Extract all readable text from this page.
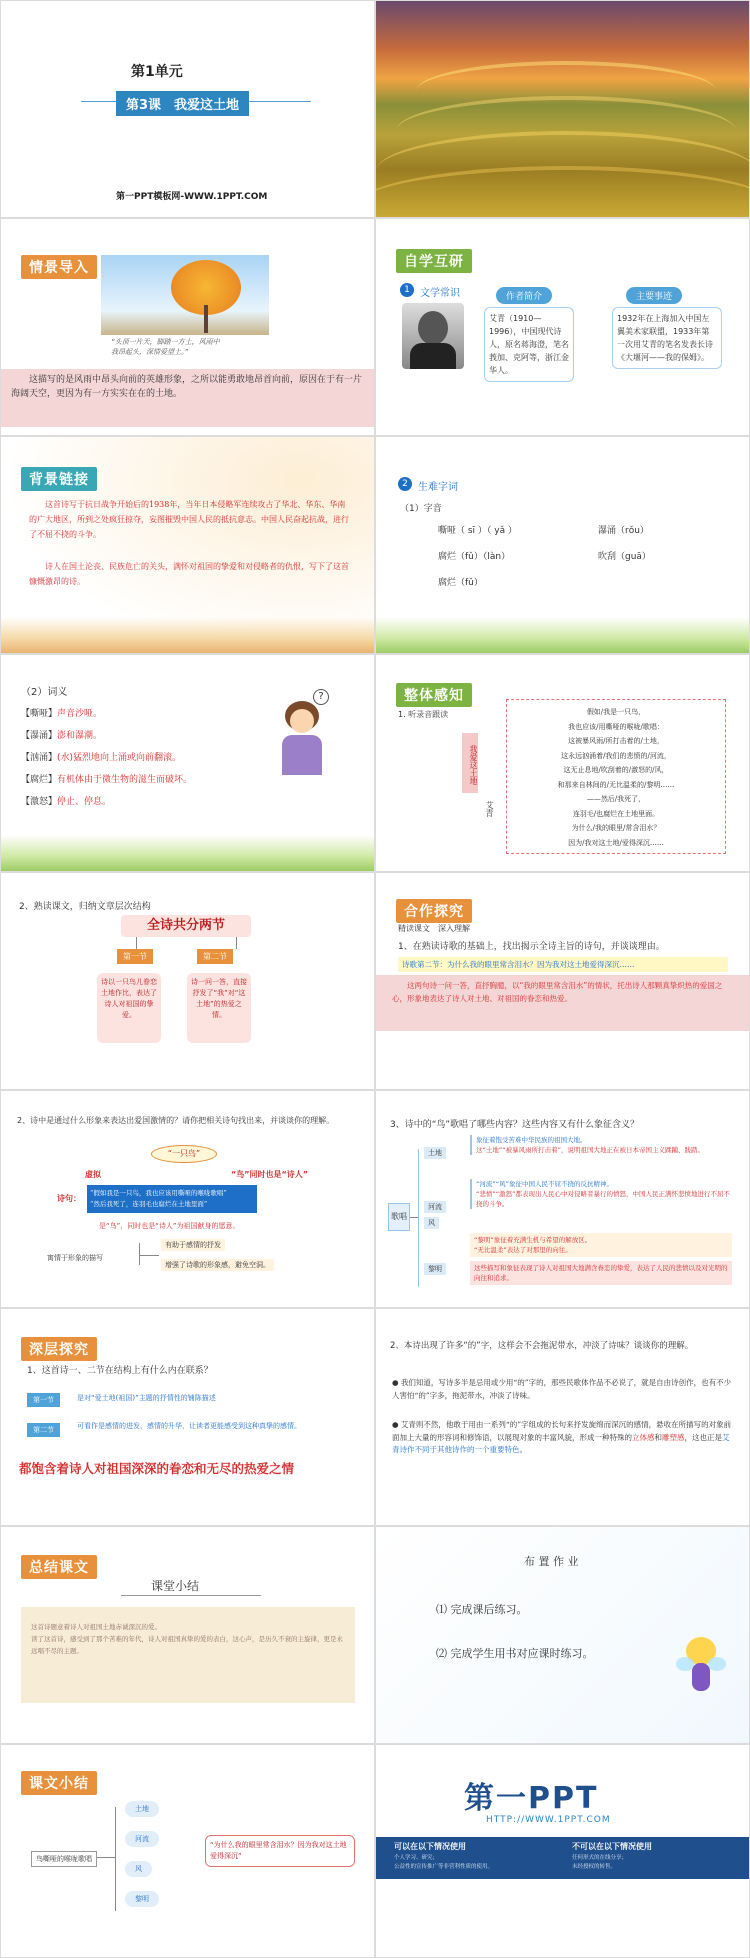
第1单元
第3课　我爱这土地
第一PPT模板网-WWW.1PPT.COM
情景导入
“头顶一片天，脚踏一方土，风雨中
我昂起头，深情爱望土。”
这描写的是风雨中昂头向前的英雄形象，之所以能勇敢地昂首向前，原因在于有一片海阔天空，更因为有一方实实在在的土地。
自学互研
1	文学常识	作者简介	主要事迹
艾青（1910—1996），中国现代诗人，原名蒋海澄，笔名莪加、克阿等，浙江金华人。
1932年在上海加入中国左翼美术家联盟，1933年第一次用艾青的笔名发表长诗《大堰河——我的保姆》。
背景链接
这首诗写于抗日战争开始后的1938年，当年日本侵略军连续攻占了华北、华东、华南的广大地区，所到之处疯狂掠夺，妄图摧毁中国人民的抵抗意志。中国人民奋起抗战，进行了不屈不挠的斗争。
诗人在国土沦丧、民族危亡的关头，满怀对祖国的挚爱和对侵略者的仇恨，写下了这首慷慨激昂的诗。
2	生难字词
（1）字音
嘶哑（ sī ）（ yǎ ）	瀑涌（rǒu）
腐烂（fǔ）（làn）	吹刮（guā）
腐烂（fǔ）
（2）词义
【嘶哑】声音沙哑。
【瀑涌】澎和瀑潮。
【汹涌】(水)猛烈地向上涌或向前翻滚。
【腐烂】有机体由于微生物的滋生而破坏。
【激怒】停止、停息。
?	整体感知
1. 听录音跟读
我爱这土地
艾青
假如/我是一只鸟，
我也应该/用嘶哑的喉咙/歌唱：
这被暴风雨/所打击着的/土地，
这永远汹涌着/我们的悲愤的/河流，
这无止息地/吹刮着的/激怒的/风，
和那来自林间的/无比温柔的/黎明……
——然后/我死了，
连羽毛/也腐烂在土地里面。
为什么/我的眼里/常含泪水？
因为/我对这土地/爱得深沉……
2、熟读课文，归纳文章层次结构
全诗共分两节
第一节	第二节
诗以一只鸟儿眷恋土地作比，表达了诗人对祖国的挚爱。
诗一问一答，直接抒发了“我”对“这土地”的热爱之情。
合作探究
精读课文　深入理解
1、在熟读诗歌的基础上，找出揭示全诗主旨的诗句，并谈谈理由。
诗歌第二节：为什么我的眼里常含泪水？因为我对这土地爱得深沉……
这两句诗一问一答，直抒胸臆，以“我的眼里常含泪水”的情状，托出诗人那颗真挚炽热的爱国之心，形象地表达了诗人对土地、对祖国的眷恋和热爱。
2、诗中是通过什么形象来表达出爱国激情的？请你把相关诗句找出来，并谈谈你的理解。
“一只鸟”
虚拟	“鸟”同时也是“诗人”
诗句：
“假如我是一只鸟，我也应该用嘶哑的喉咙歌唱”
“然后我死了，连羽毛也腐烂在土地里面”
是“鸟”，同时也是“诗人”为祖国献身的愿意。
寓情于形象的描写
有助于感情的抒发
增强了诗歌的形象感，避免空洞。
3、诗中的“鸟”歌唱了哪些内容？这些内容又有什么象征含义？
歌唱
土地
河流
风
黎明
象征着饱受苦难中华民族的祖国大地。
这“土地”“被暴风雨所打击着”，说明祖国大地正在被日本帝国主义蹂躏、践踏。
“河流”“风”象征中国人民不屈不挠的反抗精神。
“悲愤”“激怒”都表现出人民心中对侵略者暴行的愤怒，中国人民正满怀悲愤地进行不屈不挠的斗争。
“黎明”象征着充满生机与希望的解放区。
“无比温柔”表达了对那里的向往。
这些描写和象征表现了诗人对祖国大地满含眷恋的挚爱，表达了人民的悲愤以及对光明的向往和追求。
深层探究
1、这首诗一、二节在结构上有什么内在联系？
第一节	是对“爱土地(祖国)”主题的抒情性的铺陈描述
第二节	可看作是感情的进发，感情的升华，让读者更能感受到这种真挚的感情。
都饱含着诗人对祖国深深的眷恋和无尽的热爱之情
2、本诗出现了许多“的”字，这样会不会拖泥带水，冲淡了诗味？谈谈你的理解。
● 我们知道，写诗多半是忌用或少用“的”字的，那些民歌体作品不必说了，就是自由诗创作，也有不少人害怕“的”字多，拖泥带水，冲淡了诗味。
● 艾青则不然，他敢于用由一系列“的”字组成的长句来抒发旋绵而深沉的感情，悬收在所描写的对象前面加上大量的形容词和修饰语，以展现对象的丰富风貌，形成一种特殊的立体感和雕塑感，这也正是艾青诗作不同于其他诗作的一个重要特色。
总结课文
课堂小结
这首诗题意着诗人对祖国土地赤诚深沉的爱。
读了这首诗，感受到了那个苦难的年代，诗人对祖国真挚的爱的表白，这心声，是历久不衰的主旋律，更是永远唱不尽的主题。
布 置 作 业
⑴ 完成课后练习。
⑵ 完成学生用书对应课时练习。
课文小结
鸟嘶哑的喉咙歌唱
土地
河流
风
黎明
“为什么我的眼里常含泪水？因为我对这土地爱得深沉”
第一PPT
HTTP://WWW.1PPT.COM
可以在以下情况使用
个人学习、研究；
公益性的宣传推广等非营利性质的使用。
不可以在以下情况使用
任何形式的在线分享；
未经授权的转售。
